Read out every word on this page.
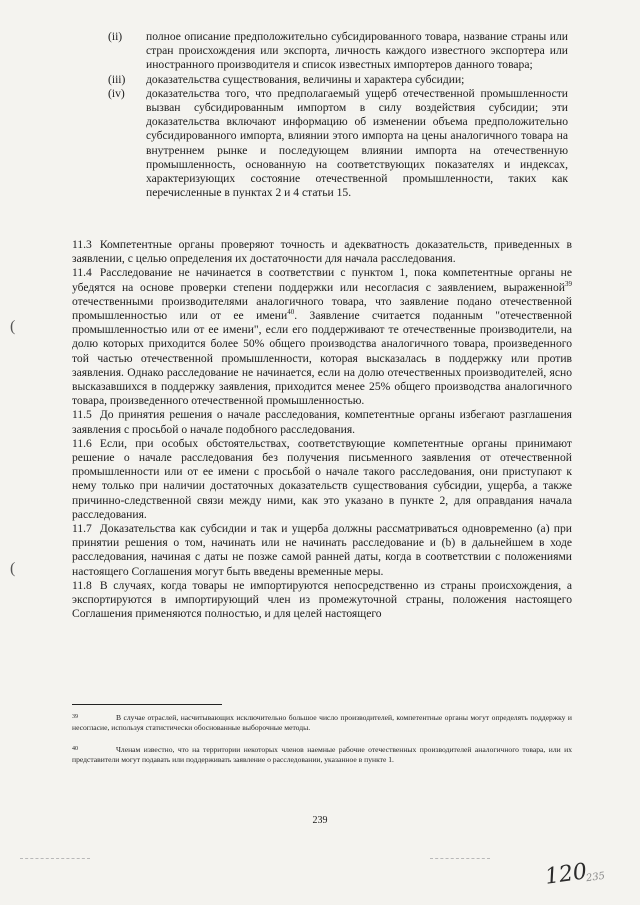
(ii)	полное описание предположительно субсидированного товара, название страны или стран происхождения или экспорта, личность каждого известного экспортера или иностранного производителя и список известных импортеров данного товара;
(iii)	доказательства существования, величины и характера субсидии;
(iv)	доказательства того, что предполагаемый ущерб отечественной промышленности вызван субсидированным импортом в силу воздействия субсидии; эти доказательства включают информацию об изменении объема предположительно субсидированного импорта, влиянии этого импорта на цены аналогичного товара на внутреннем рынке и последующем влиянии импорта на отечественную промышленность, основанную на соответствующих показателях и индексах, характеризующих состояние отечественной промышленности, таких как перечисленные в пунктах 2 и 4 статьи 15.

11.3 Компетентные органы проверяют точность и адекватность доказательств, приведенных в заявлении, с целью определения их достаточности для начала расследования.

11.4 Расследование не начинается в соответствии с пунктом 1, пока компетентные органы не убедятся на основе проверки степени поддержки или несогласия с заявлением, выраженной$^{39}$ отечественными производителями аналогичного товара, что заявление подано отечественной промышленностью или от ее имени$^{40}$. Заявление считается поданным "отечественной промышленностью или от ее имени", если его поддерживают те отечественные производители, на долю которых приходится более 50% общего производства аналогичного товара, произведенного той частью отечественной промышленности, которая высказалась в поддержку или против заявления. Однако расследование не начинается, если на долю отечественных производителей, ясно высказавшихся в поддержку заявления, приходится менее 25% общего производства аналогичного товара, произведенного отечественной промышленностью.

11.5 До принятия решения о начале расследования, компетентные органы избегают разглашения заявления с просьбой о начале подобного расследования.

11.6 Если, при особых обстоятельствах, соответствующие компетентные органы принимают решение о начале расследования без получения письменного заявления от отечественной промышленности или от ее имени с просьбой о начале такого расследования, они приступают к нему только при наличии достаточных доказательств существования субсидии, ущерба, а также причинно-следственной связи между ними, как это указано в пункте 2, для оправдания начала расследования.

11.7 Доказательства как субсидии и так и ущерба должны рассматриваться одновременно (а) при принятии решения о том, начинать или не начинать расследование и (b) в дальнейшем в ходе расследования, начиная с даты не позже самой ранней даты, когда в соответствии с положениями настоящего Соглашения могут быть введены временные меры.

11.8 В случаях, когда товары не импортируются непосредственно из страны происхождения, а экспортируются в импортирующий член из промежуточной страны, положения настоящего Соглашения применяются полностью, и для целей настоящего

39	В случае отраслей, насчитывающих исключительно большое число производителей, компетентные органы могут определять поддержку и несогласие, используя статистически обоснованные выборочные методы.
40	Членам известно, что на территории некоторых членов наемные рабочие отечественных производителей аналогичного товара, или их представители могут подавать или поддерживать заявление о расследовании, указанное в пункте 1.
239
(
(
120
235
